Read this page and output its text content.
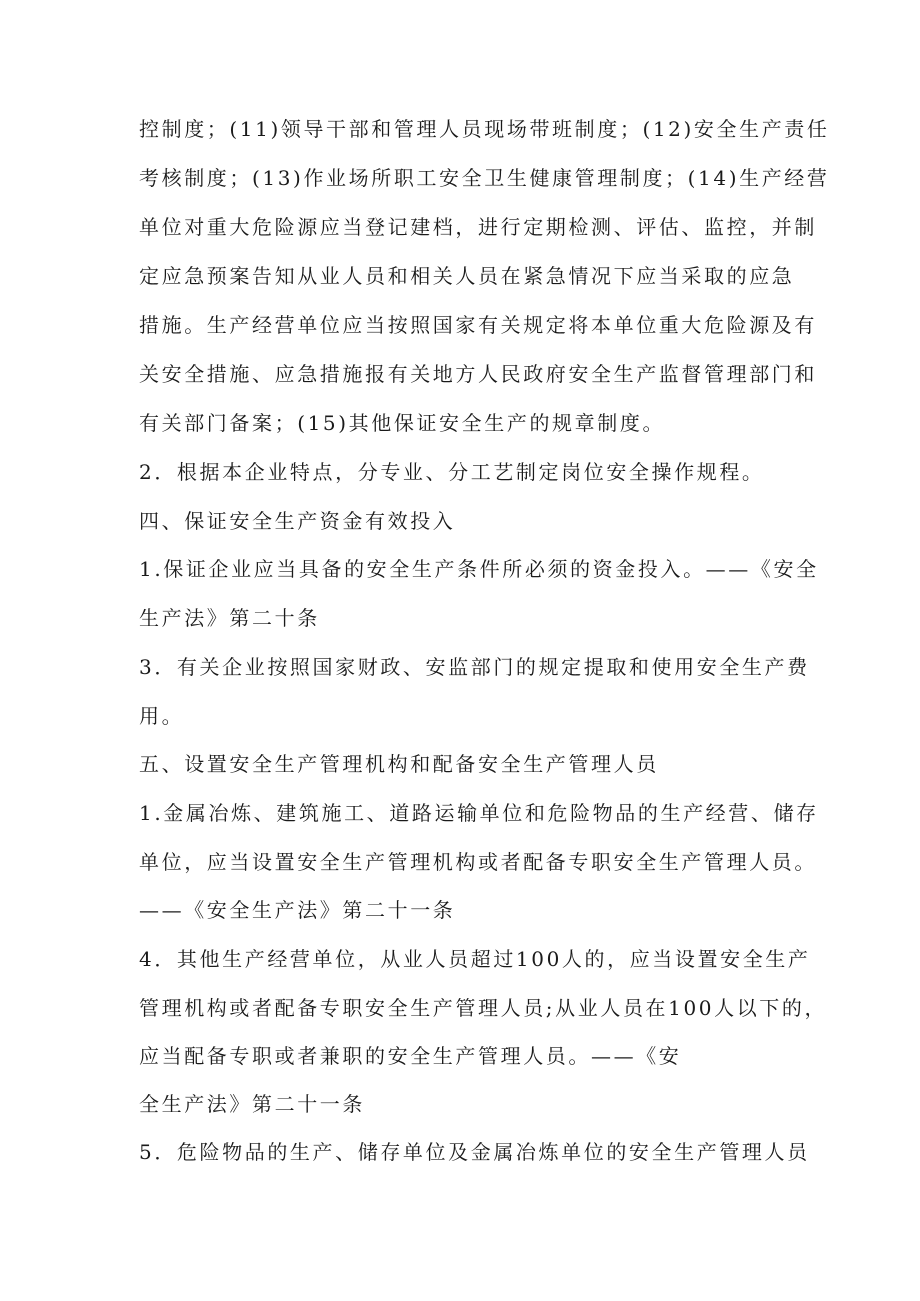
控制度；(11)领导干部和管理人员现场带班制度；(12)安全生产责任
考核制度；(13)作业场所职工安全卫生健康管理制度；(14)生产经营
单位对重大危险源应当登记建档，进行定期检测、评估、监控，并制
定应急预案告知从业人员和相关人员在紧急情况下应当采取的应急
措施。生产经营单位应当按照国家有关规定将本单位重大危险源及有
关安全措施、应急措施报有关地方人民政府安全生产监督管理部门和
有关部门备案；(15)其他保证安全生产的规章制度。
2．根据本企业特点，分专业、分工艺制定岗位安全操作规程。
四、保证安全生产资金有效投入
1.保证企业应当具备的安全生产条件所必须的资金投入。——《安全
生产法》第二十条
3．有关企业按照国家财政、安监部门的规定提取和使用安全生产费
用。
五、设置安全生产管理机构和配备安全生产管理人员
1.金属冶炼、建筑施工、道路运输单位和危险物品的生产经营、储存
单位，应当设置安全生产管理机构或者配备专职安全生产管理人员。
——《安全生产法》第二十一条
4．其他生产经营单位，从业人员超过100人的，应当设置安全生产
管理机构或者配备专职安全生产管理人员;从业人员在100人以下的，
应当配备专职或者兼职的安全生产管理人员。——《安
全生产法》第二十一条
5．危险物品的生产、储存单位及金属冶炼单位的安全生产管理人员
